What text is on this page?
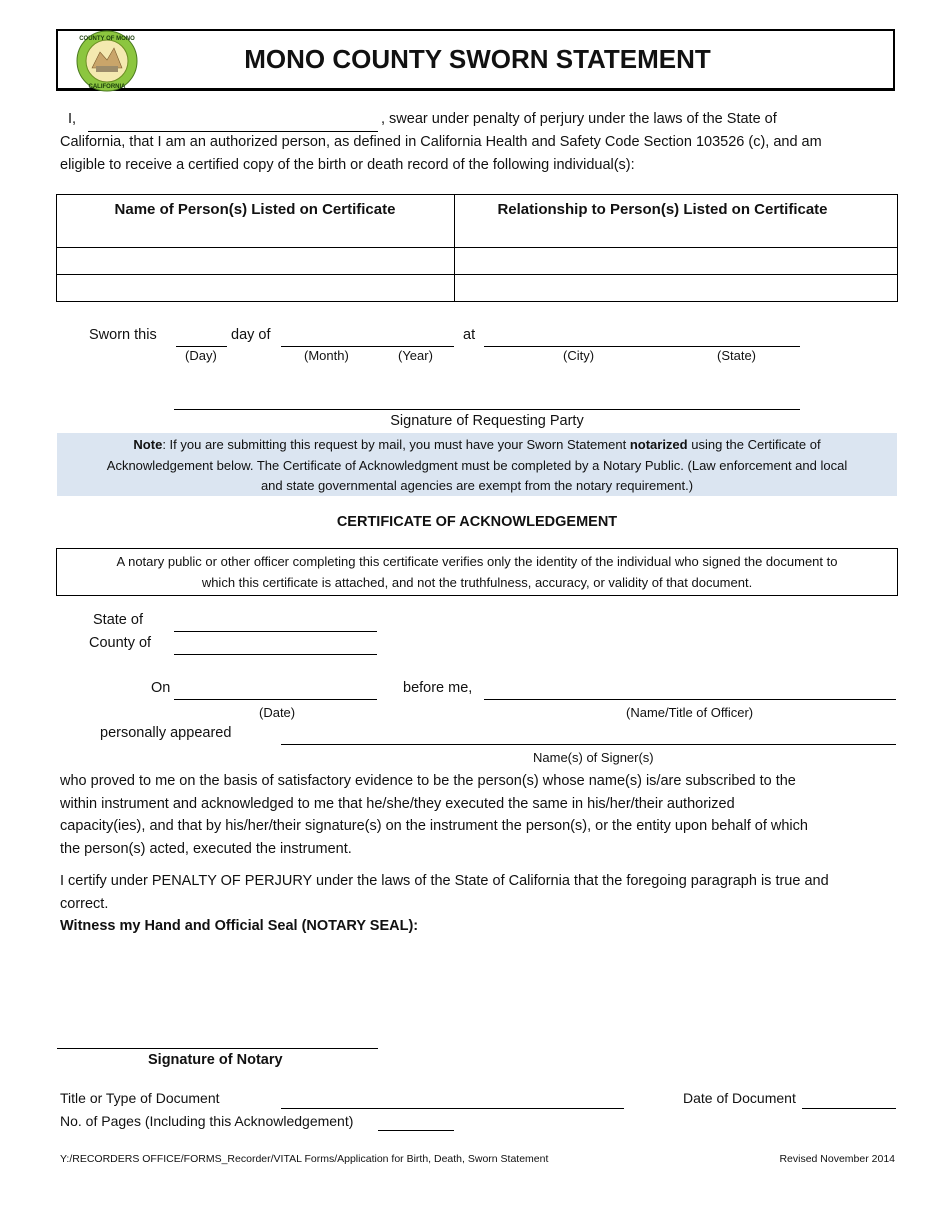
COUNTY OF MONO
CALIFORNIA
MONO COUNTY SWORN STATEMENT
I,	, swear under penalty of perjury under the laws of the State of
California, that I am an authorized person, as defined in California Health and Safety Code Section 103526 (c), and am
eligible to receive a certified copy of the birth or death record of the following individual(s):
Name of Person(s) Listed on Certificate	Relationship to Person(s) Listed on Certificate
Sworn this	day of	at
(Day)	(Month)	(Year)	(City)	(State)
Signature of Requesting Party
Note: If you are submitting this request by mail, you must have your Sworn Statement notarized using the Certificate of
Acknowledgement below. The Certificate of Acknowledgment must be completed by a Notary Public. (Law enforcement and local
and state governmental agencies are exempt from the notary requirement.)
CERTIFICATE OF ACKNOWLEDGEMENT
A notary public or other officer completing this certificate verifies only the identity of the individual who signed the document to
which this certificate is attached, and not the truthfulness, accuracy, or validity of that document.
State of
County of
On	before me,
(Date)	(Name/Title of Officer)
personally appeared
Name(s) of Signer(s)
who proved to me on the basis of satisfactory evidence to be the person(s) whose name(s) is/are subscribed to the
within instrument and acknowledged to me that he/she/they executed the same in his/her/their authorized
capacity(ies), and that by his/her/their signature(s) on the instrument the person(s), or the entity upon behalf of which
the person(s) acted, executed the instrument.
I certify under PENALTY OF PERJURY under the laws of the State of California that the foregoing paragraph is true and
correct.
Witness my Hand and Official Seal (NOTARY SEAL):
Signature of Notary
Title or Type of Document	Date of Document
No. of Pages (Including this Acknowledgement)
Y:/RECORDERS OFFICE/FORMS_Recorder/VITAL Forms/Application for Birth, Death, Sworn Statement	Revised November 2014
